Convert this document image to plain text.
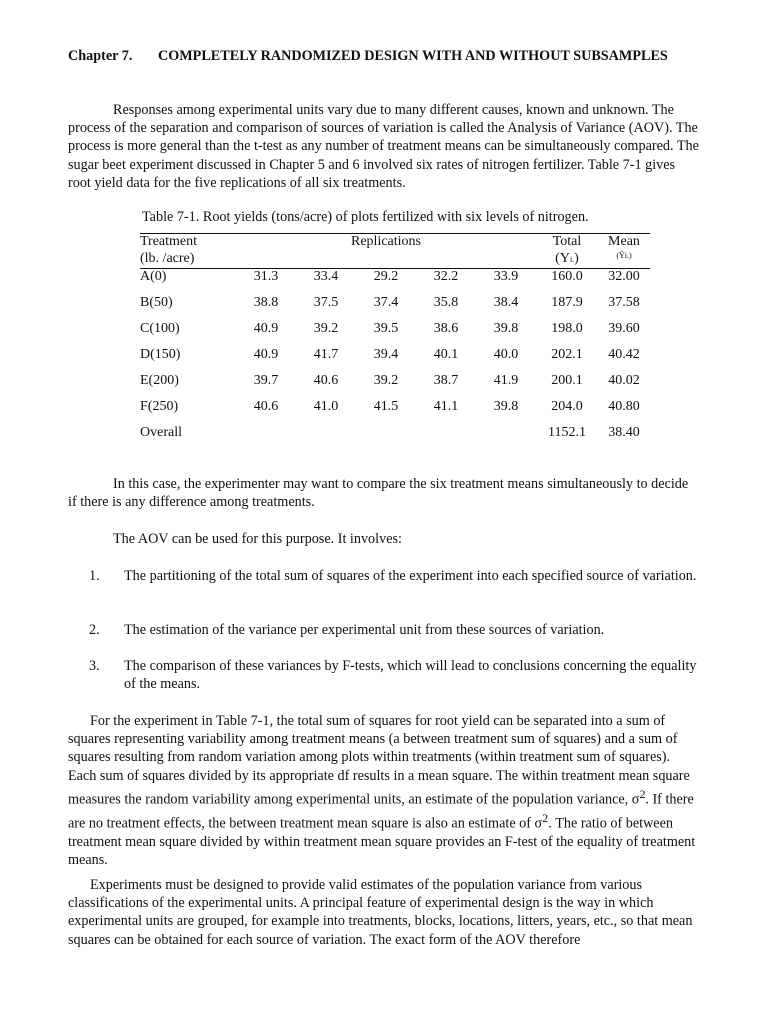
Chapter 7. COMPLETELY RANDOMIZED DESIGN WITH AND WITHOUT SUBSAMPLES

Responses among experimental units vary due to many different causes, known and unknown. The process of the separation and comparison of sources of variation is called the Analysis of Variance (AOV). The process is more general than the t-test as any number of treatment means can be simultaneously compared. The sugar beet experiment discussed in Chapter 5 and 6 involved six rates of nitrogen fertilizer. Table 7-1 gives root yield data for the five replications of all six treatments.

Table 7-1. Root yields (tons/acre) of plots fertilized with six levels of nitrogen.
Treatment	Replications					Total	Mean
(lb. /acre)						(Yi.)	(Ȳi.)
A(0)	31.3	33.4	29.2	32.2	33.9	160.0	32.00
B(50)	38.8	37.5	37.4	35.8	38.4	187.9	37.58
C(100)	40.9	39.2	39.5	38.6	39.8	198.0	39.60
D(150)	40.9	41.7	39.4	40.1	40.0	202.1	40.42
E(200)	39.7	40.6	39.2	38.7	41.9	200.1	40.02
F(250)	40.6	41.0	41.5	41.1	39.8	204.0	40.80
Overall						1152.1	38.40

In this case, the experimenter may want to compare the six treatment means simultaneously to decide if there is any difference among treatments.

The AOV can be used for this purpose. It involves:

1. The partitioning of the total sum of squares of the experiment into each specified source of variation.
2. The estimation of the variance per experimental unit from these sources of variation.
3. The comparison of these variances by F-tests, which will lead to conclusions concerning the equality of the means.

For the experiment in Table 7-1, the total sum of squares for root yield can be separated into a sum of squares representing variability among treatment means (a between treatment sum of squares) and a sum of squares resulting from random variation among plots within treatments (within treatment sum of squares). Each sum of squares divided by its appropriate df results in a mean square. The within treatment mean square measures the random variability among experimental units, an estimate of the population variance, $\sigma^2$. If there are no treatment effects, the between treatment mean square is also an estimate of $\sigma^2$. The ratio of between treatment mean square divided by within treatment mean square provides an F-test of the equality of treatment means.

Experiments must be designed to provide valid estimates of the population variance from various classifications of the experimental units. A principal feature of experimental design is the way in which experimental units are grouped, for example into treatments, blocks, locations, litters, years, etc., so that mean squares can be obtained for each source of variation. The exact form of the AOV therefore
